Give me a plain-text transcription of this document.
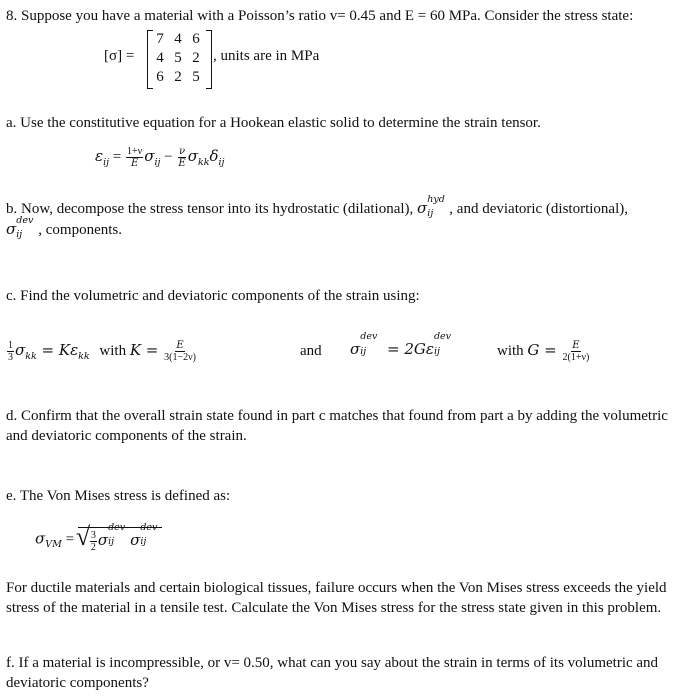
8. Suppose you have a material with a Poisson’s ratio v= 0.45 and E = 60 MPa. Consider the stress state:
[σ] =
7 4 6
4 5 2
6 2 5
, units are in MPa
a. Use the constitutive equation for a Hookean elastic solid to determine the strain tensor.
$\varepsilon_{ij} = \frac{1+\nu}{E} \sigma_{ij} - \frac{\nu}{E} \sigma_{kk}\delta_{ij}$
b. Now, decompose the stress tensor into its hydrostatic (dilational), σ hyd
ij , and deviatoric (distortional),
σ dev
ij , components.
c. Find the volumetric and deviatoric components of the strain using:
$\frac{1}{3} \sigma_{kk} = K\varepsilon_{kk}$ with $K = \frac{E}{3(1-2\nu)}$	and σ
dev
ij = 2Gε
dev
ij	with $G = \frac{E}{2(1+\nu)}$
d. Confirm that the overall strain state found in part c matches that found from part a by adding the volumetric and deviatoric components of the strain.
e. The Von Mises stress is defined as:
$\sigma_{VM}$ = √ $\frac{3}{2}$ σ
dev
ij σ
dev
ij
For ductile materials and certain biological tissues, failure occurs when the Von Mises stress exceeds the yield stress of the material in a tensile test. Calculate the Von Mises stress for the stress state given in this problem.
f. If a material is incompressible, or v= 0.50, what can you say about the strain in terms of its volumetric and deviatoric components?
